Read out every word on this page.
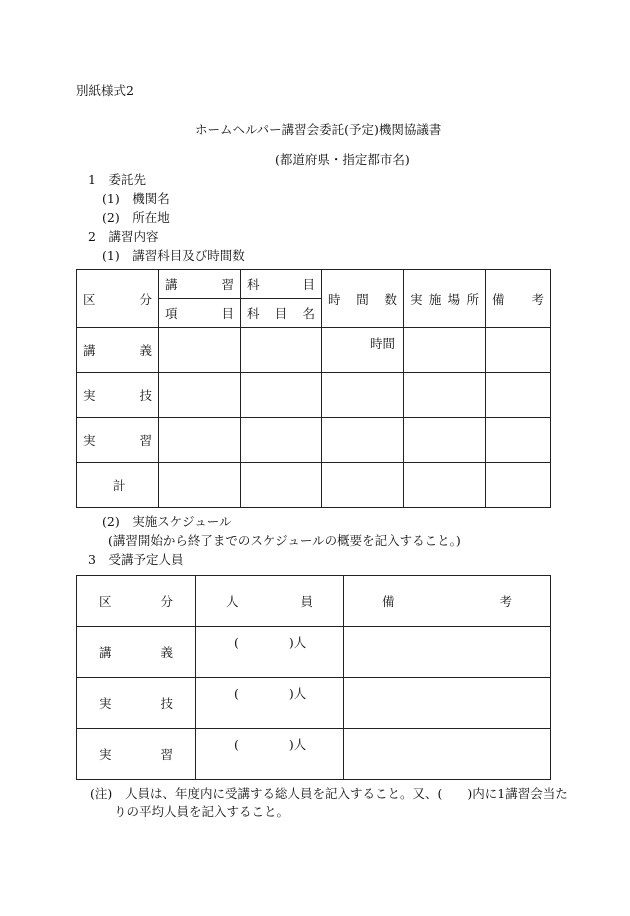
別紙様式2
ホームヘルパー講習会委託(予定)機関協議書
(都道府県・指定都市名)
1　委託先
(1)　機関名
(2)　所在地
2　講習内容
(1)　講習科目及び時間数
区分	講習	科目	時間数	実施場所	備考

	項目	科目名			

講義			時間		

実技					

実習					

計					
(2)　実施スケジュール
(講習開始から終了までのスケジュールの概要を記入すること。)
3　受講予定人員
区分	人員	備考

講義	(　　　　)人	

実技	(　　　　)人	

実習	(　　　　)人	
(注) 人員は、年度内に受講する総人員を記入すること。又、(　　)内に1講習会当た
りの平均人員を記入すること。
